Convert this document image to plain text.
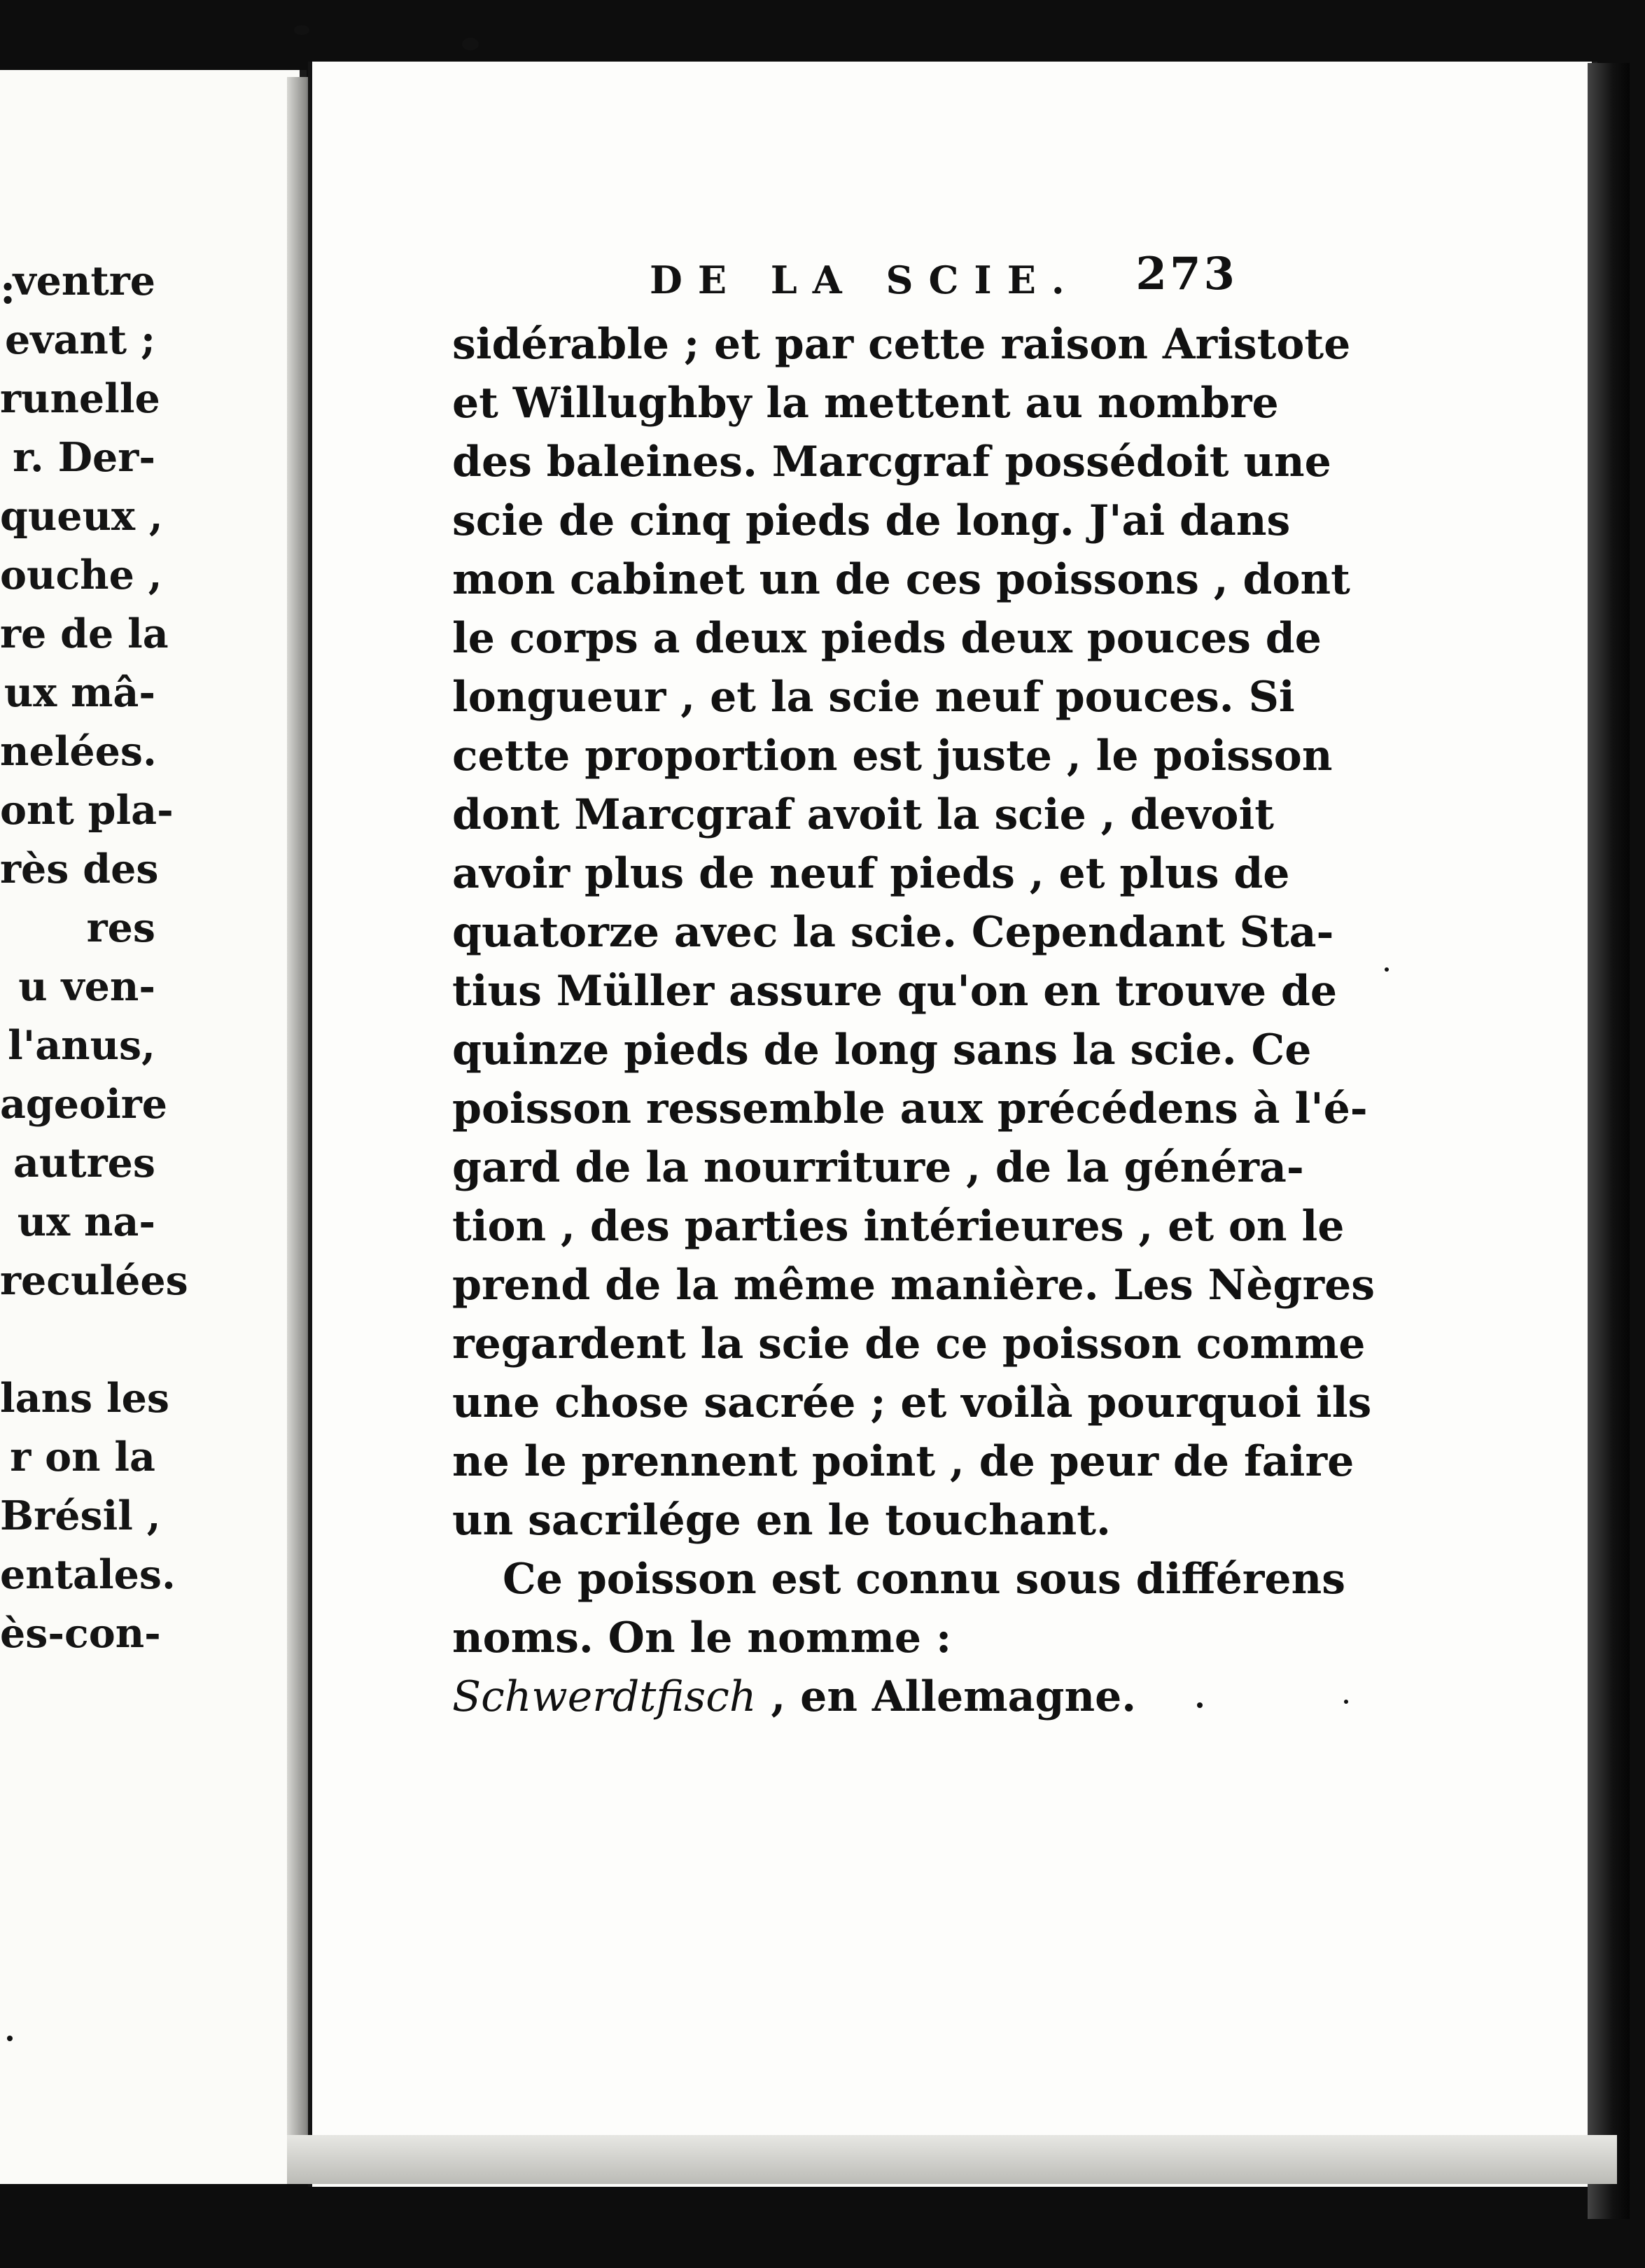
:
ventre
evant ;
runelle
r. Der-
queux ,
ouche ,
re de la
ux mâ-
nelées.
ont pla-
rès des
res
u ven-
l'anus,
ageoire
autres
ux na-
reculées
lans les
r on la
Brésil ,
entales.
ès-con-
DE LA SCIE. 273
sidérable ; et par cette raison Aristote
et Willughby la mettent au nombre
des baleines. Marcgraf possédoit une
scie de cinq pieds de long. J'ai dans
mon cabinet un de ces poissons , dont
le corps a deux pieds deux pouces de
longueur , et la scie neuf pouces. Si
cette proportion est juste , le poisson
dont Marcgraf avoit la scie , devoit
avoir plus de neuf pieds , et plus de
quatorze avec la scie. Cependant Sta-
tius Müller assure qu'on en trouve de
quinze pieds de long sans la scie. Ce
poisson ressemble aux précédens à l'é-
gard de la nourriture , de la généra-
tion , des parties intérieures , et on le
prend de la même manière. Les Nègres
regardent la scie de ce poisson comme
une chose sacrée ; et voilà pourquoi ils
ne le prennent point , de peur de faire
un sacrilége en le touchant.
Ce poisson est connu sous différens
noms. On le nomme :
Schwerdtfisch , en Allemagne.
